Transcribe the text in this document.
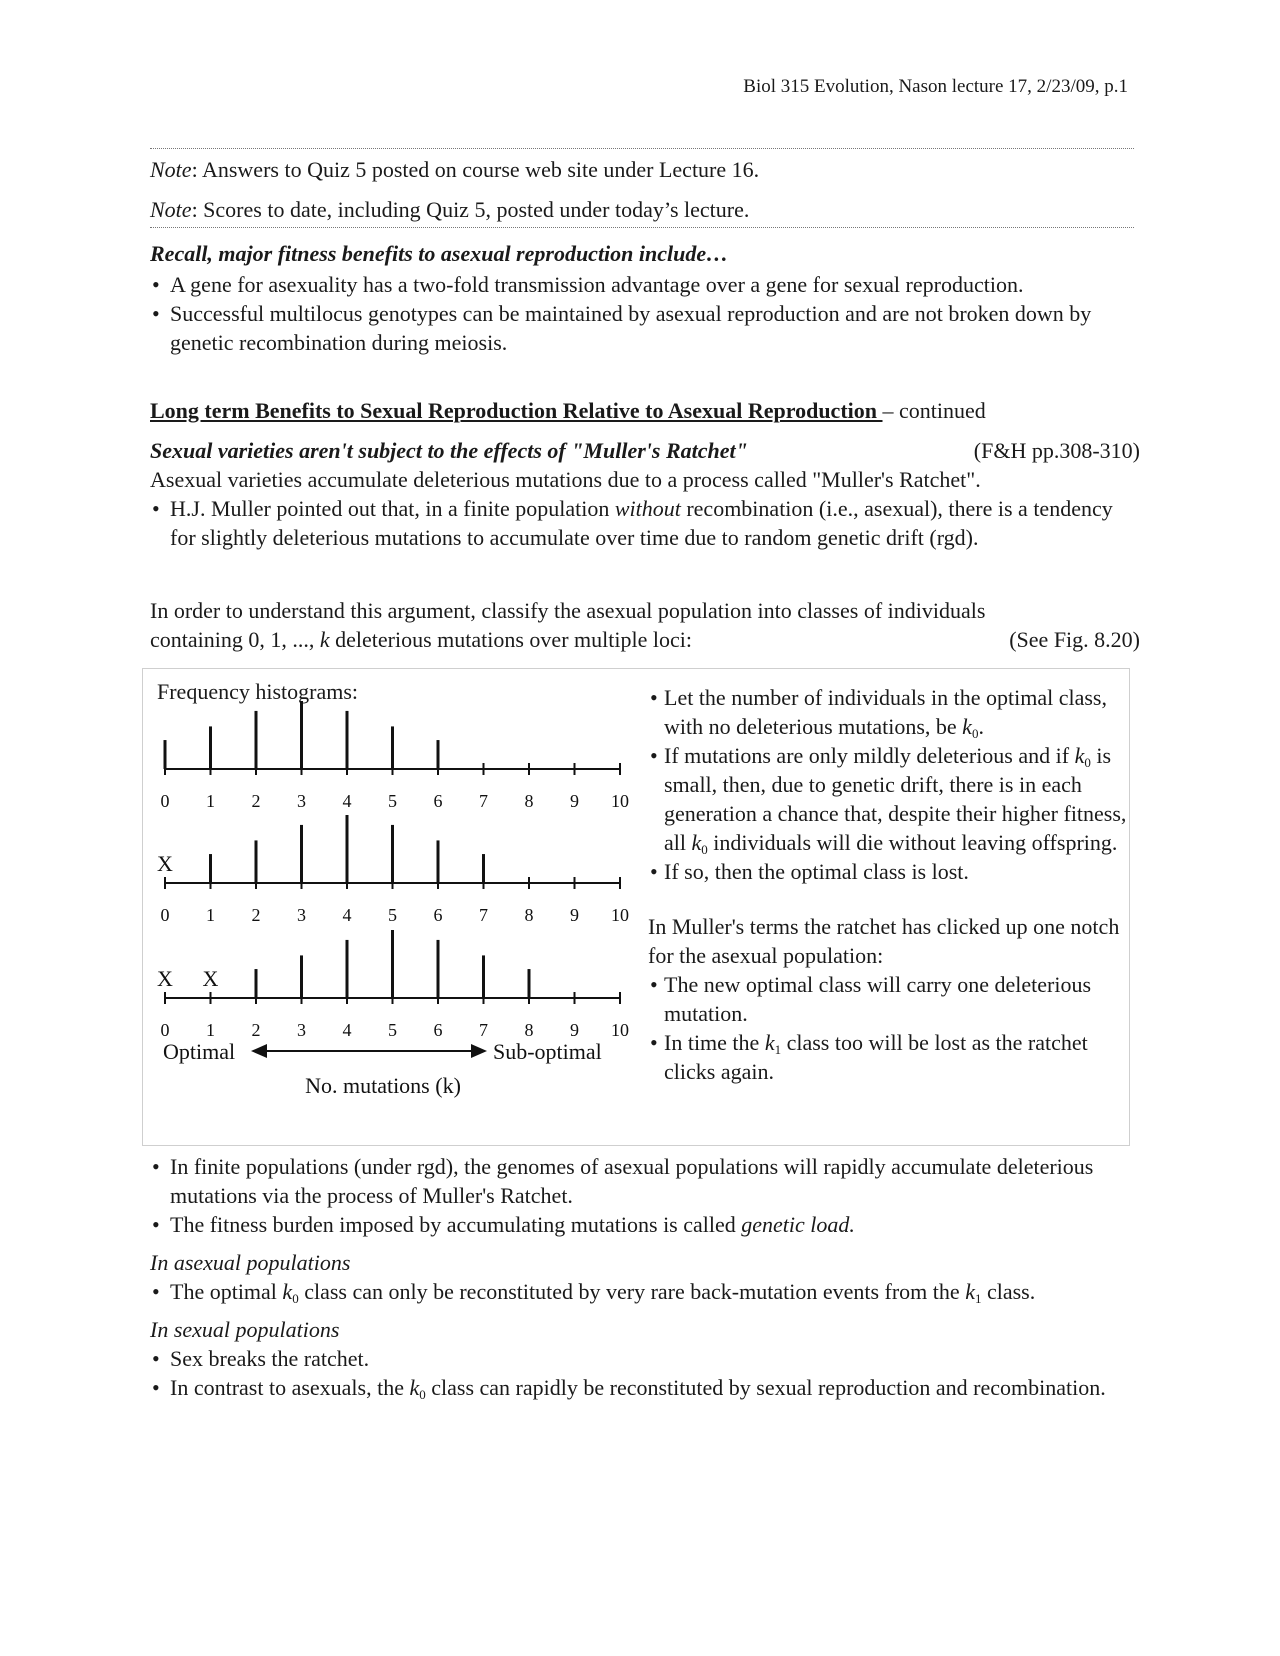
Biol 315 Evolution, Nason lecture 17, 2/23/09, p.1
Note: Answers to Quiz 5 posted on course web site under Lecture 16.
Note: Scores to date, including Quiz 5, posted under today’s lecture.
Recall, major fitness benefits to asexual reproduction include…
• A gene for asexuality has a two-fold transmission advantage over a gene for sexual reproduction.
• Successful multilocus genotypes can be maintained by asexual reproduction and are not broken down by genetic recombination during meiosis.
Long term Benefits to Sexual Reproduction Relative to Asexual Reproduction – continued
Sexual varieties aren't subject to the effects of "Muller's Ratchet"	(F&H pp.308-310)
Asexual varieties accumulate deleterious mutations due to a process called "Muller's Ratchet".
• H.J. Muller pointed out that, in a finite population without recombination (i.e., asexual), there is a tendency for slightly deleterious mutations to accumulate over time due to random genetic drift (rgd).
In order to understand this argument, classify the asexual population into classes of individuals
containing 0, 1, ..., k deleterious mutations over multiple loci:	(See Fig. 8.20)
Frequency histograms:
0 1 2 3 4 5 6 7 8 9 10
0 1 2 3 4 5 6 7 8 9 10
X
0 1 2 3 4 5 6 7 8 9 10
X X
Optimal	Sub-optimal
No. mutations (k)
• Let the number of individuals in the optimal class, with no deleterious mutations, be $k_0$.
• If mutations are only mildly deleterious and if $k_0$ is small, then, due to genetic drift, there is in each generation a chance that, despite their higher fitness, all $k_0$ individuals will die without leaving offspring.
• If so, then the optimal class is lost.
In Muller's terms the ratchet has clicked up one notch for the asexual population:
• The new optimal class will carry one deleterious mutation.
• In time the $k_1$ class too will be lost as the ratchet clicks again.
• In finite populations (under rgd), the genomes of asexual populations will rapidly accumulate deleterious mutations via the process of Muller's Ratchet.
• The fitness burden imposed by accumulating mutations is called genetic load.
In asexual populations
• The optimal $k_0$ class can only be reconstituted by very rare back-mutation events from the $k_1$ class.
In sexual populations
• Sex breaks the ratchet.
• In contrast to asexuals, the $k_0$ class can rapidly be reconstituted by sexual reproduction and recombination.
